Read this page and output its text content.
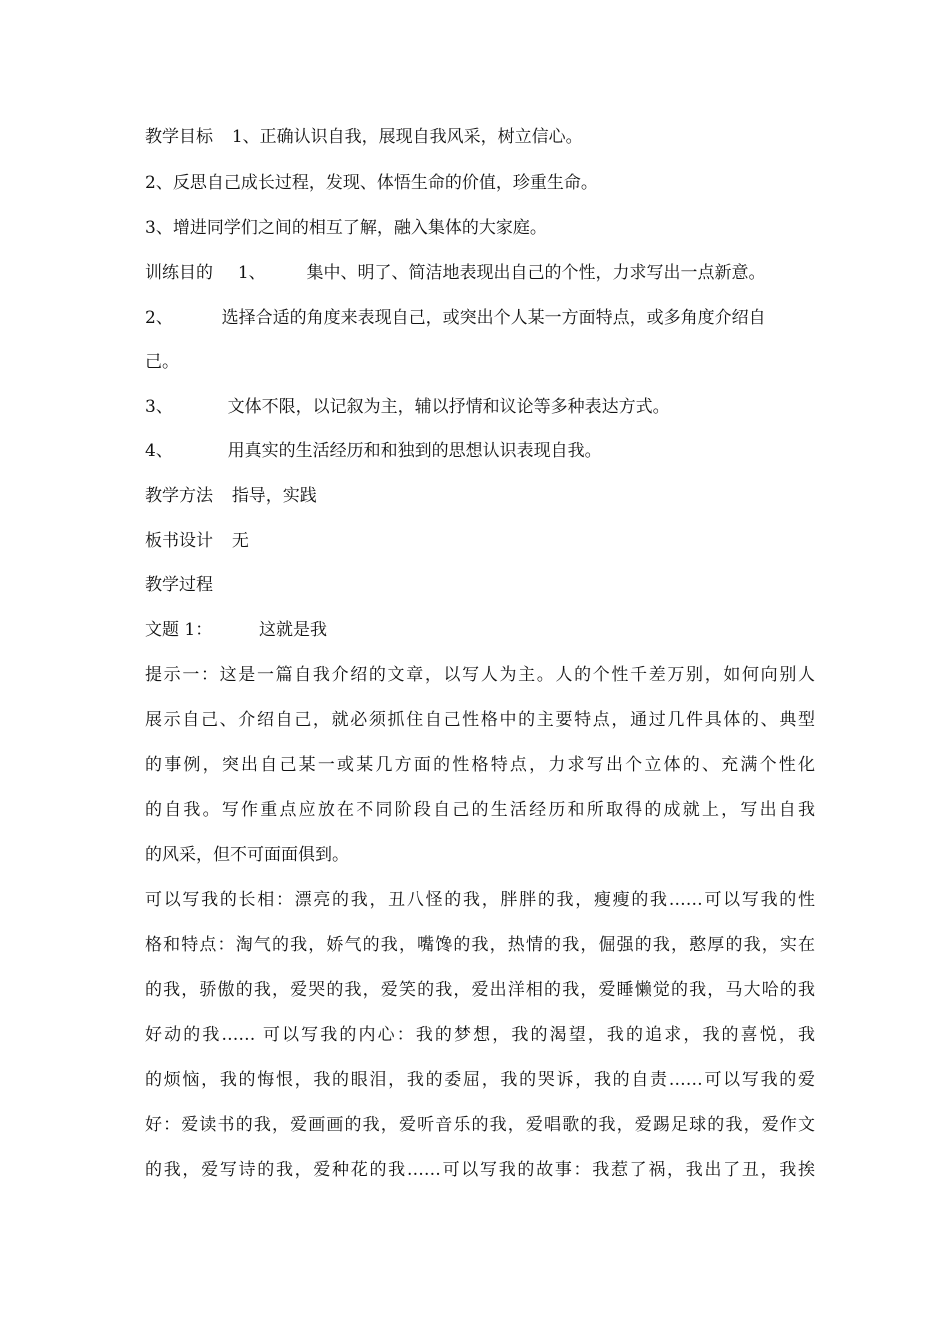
教学目标 1、正确认识自我，展现自我风采，树立信心。
2、反思自己成长过程，发现、体悟生命的价值，珍重生命。
3、增进同学们之间的相互了解，融入集体的大家庭。
训练目的 1、 集中、明了、简洁地表现出自己的个性，力求写出一点新意。
2、	选择合适的角度来表现自己，或突出个人某一方面特点，或多角度介绍自
己。
3、	文体不限，以记叙为主，辅以抒情和议论等多种表达方式。
4、	用真实的生活经历和和独到的思想认识表现自我。
教学方法 指导，实践
板书设计 无
教学过程
文题 1：	这就是我
提示一：这是一篇自我介绍的文章，以写人为主。人的个性千差万别，如何向别人
展示自己、介绍自己，就必须抓住自己性格中的主要特点，通过几件具体的、典型
的事例，突出自己某一或某几方面的性格特点，力求写出个立体的、充满个性化
的自我。写作重点应放在不同阶段自己的生活经历和所取得的成就上，写出自我
的风采，但不可面面俱到。
可以写我的长相：漂亮的我，丑八怪的我，胖胖的我，瘦瘦的我……可以写我的性
格和特点：淘气的我，娇气的我，嘴馋的我，热情的我，倔强的我，憨厚的我，实在
的我，骄傲的我，爱哭的我，爱笑的我，爱出洋相的我，爱睡懒觉的我，马大哈的我
好动的我…… 可以写我的内心：我的梦想，我的渴望，我的追求，我的喜悦，我
的烦恼，我的悔恨，我的眼泪，我的委屈，我的哭诉，我的自责……可以写我的爱
好：爱读书的我，爱画画的我，爱听音乐的我，爱唱歌的我，爱踢足球的我，爱作文
的我，爱写诗的我，爱种花的我……可以写我的故事：我惹了祸，我出了丑，我挨
